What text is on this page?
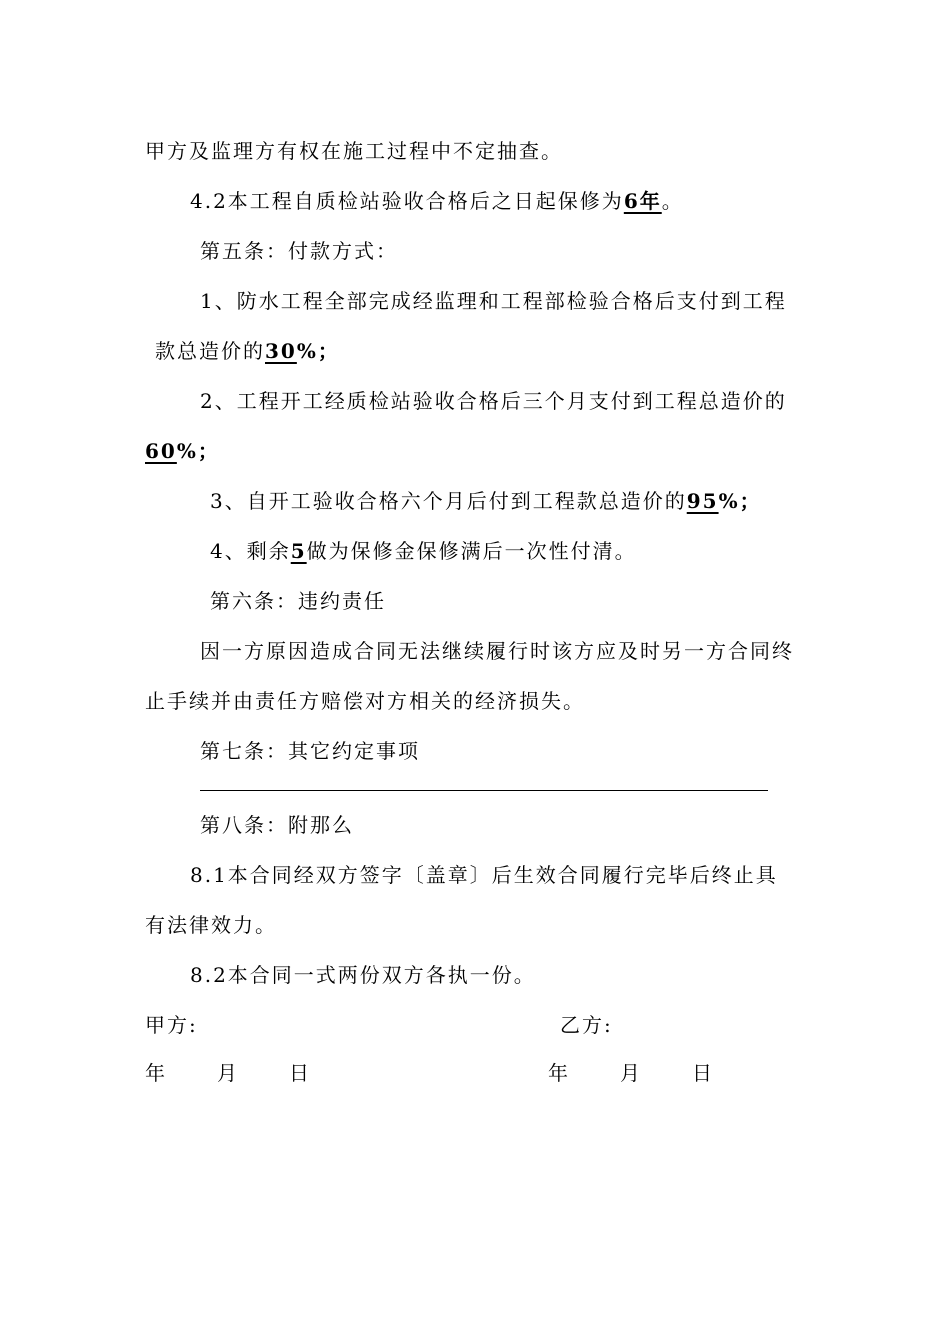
甲方及监理方有权在施工过程中不定抽查。
4.2本工程自质检站验收合格后之日起保修为6年。
第五条：付款方式：
1、防水工程全部完成经监理和工程部检验合格后支付到工程
款总造价的30%；
2、工程开工经质检站验收合格后三个月支付到工程总造价的
60%；
3、自开工验收合格六个月后付到工程款总造价的95%；
4、剩余5做为保修金保修满后一次性付清。
第六条：违约责任
因一方原因造成合同无法继续履行时该方应及时另一方合同终
止手续并由责任方赔偿对方相关的经济损失。
第七条：其它约定事项
第八条：附那么
8.1本合同经双方签字〔盖章〕后生效合同履行完毕后终止具
有法律效力。
8.2本合同一式两份双方各执一份。
甲方:	乙方:
年　　月　　日	年　　月　　日
